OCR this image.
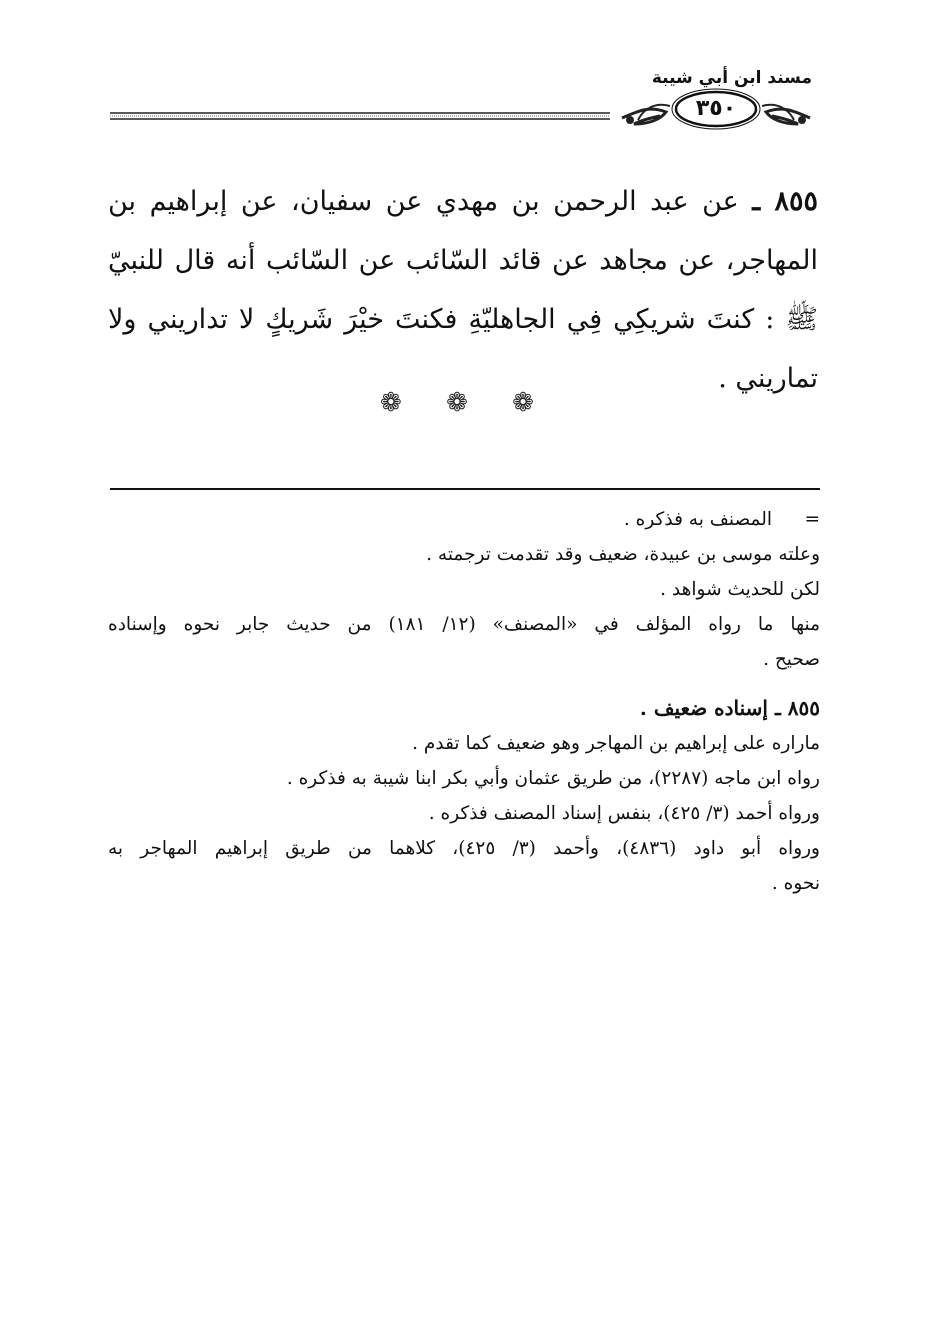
مسند ابن أبي شيبة
٣٥٠
٨٥٥ ـ عن عبد الرحمن بن مهدي عن سفيان، عن إبراهيم بن المهاجر، عن مجاهد عن قائد السّائب عن السّائب أنه قال للنبيّ ﷺ : كنتَ شريكِي فِي الجاهليّةِ فكنتَ خيْرَ شَريكٍ لا تداريني ولا تماريني .
❁ ❁ ❁
=
المصنف به فذكره .
وعلته موسى بن عبيدة، ضعيف وقد تقدمت ترجمته .
لكن للحديث شواهد .
منها ما رواه المؤلف في «المصنف» (١٢/ ١٨١) من حديث جابر نحوه وإسناده
صحيح .
٨٥٥ ـ إسناده ضعيف .
ماراره على إبراهيم بن المهاجر وهو ضعيف كما تقدم .
رواه ابن ماجه (٢٢٨٧)، من طريق عثمان وأبي بكر ابنا شيبة به فذكره .
ورواه أحمد (٣/ ٤٢٥)، بنفس إسناد المصنف فذكره .
ورواه أبو داود (٤٨٣٦)، وأحمد (٣/ ٤٢٥)، كلاهما من طريق إبراهيم المهاجر به
نحوه .
